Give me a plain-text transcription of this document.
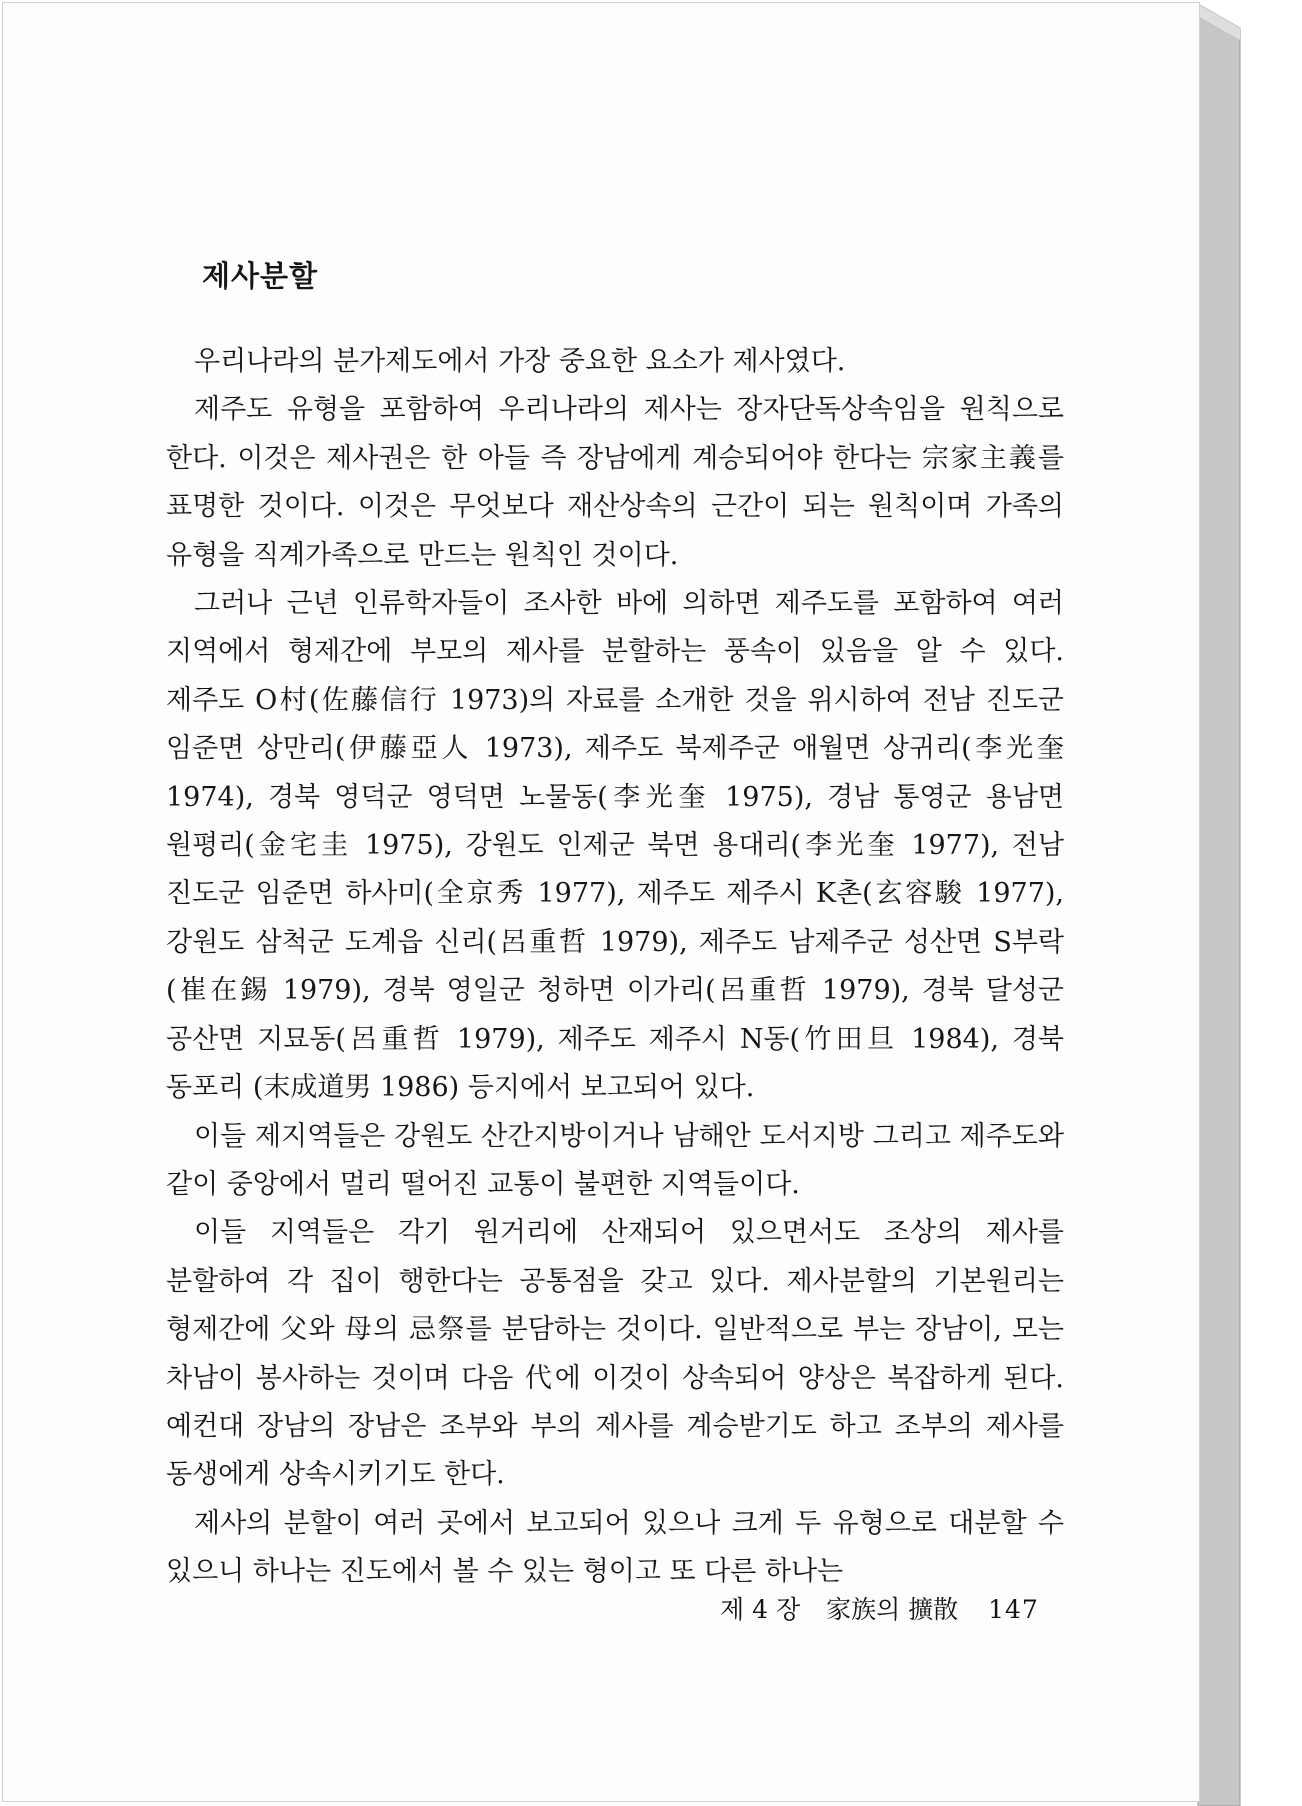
제사분할

우리나라의 분가제도에서 가장 중요한 요소가 제사였다.

제주도 유형을 포함하여 우리나라의 제사는 장자단독상속임을 원칙으로 한다. 이것은 제사권은 한 아들 즉 장남에게 계승되어야 한다는 宗家主義를 표명한 것이다. 이것은 무엇보다 재산상속의 근간이 되는 원칙이며 가족의 유형을 직계가족으로 만드는 원칙인 것이다.

그러나 근년 인류학자들이 조사한 바에 의하면 제주도를 포함하여 여러 지역에서 형제간에 부모의 제사를 분할하는 풍속이 있음을 알 수 있다. 제주도 O村(佐藤信行 1973)의 자료를 소개한 것을 위시하여 전남 진도군 임준면 상만리(伊藤亞人 1973), 제주도 북제주군 애월면 상귀리(李光奎 1974), 경북 영덕군 영덕면 노물동(李光奎 1975), 경남 통영군 용남면 원평리(金宅圭 1975), 강원도 인제군 북면 용대리(李光奎 1977), 전남 진도군 임준면 하사미(全京秀 1977), 제주도 제주시 K촌(玄容駿 1977), 강원도 삼척군 도계읍 신리(呂重哲 1979), 제주도 남제주군 성산면 S부락(崔在錫 1979), 경북 영일군 청하면 이가리(呂重哲 1979), 경북 달성군 공산면 지묘동(呂重哲 1979), 제주도 제주시 N동(竹田旦 1984), 경북 동포리 (末成道男 1986) 등지에서 보고되어 있다.

이들 제지역들은 강원도 산간지방이거나 남해안 도서지방 그리고 제주도와 같이 중앙에서 멀리 떨어진 교통이 불편한 지역들이다.

이들 지역들은 각기 원거리에 산재되어 있으면서도 조상의 제사를 분할하여 각 집이 행한다는 공통점을 갖고 있다. 제사분할의 기본원리는 형제간에 父와 母의 忌祭를 분담하는 것이다. 일반적으로 부는 장남이, 모는 차남이 봉사하는 것이며 다음 代에 이것이 상속되어 양상은 복잡하게 된다. 예컨대 장남의 장남은 조부와 부의 제사를 계승받기도 하고 조부의 제사를 동생에게 상속시키기도 한다.

제사의 분할이 여러 곳에서 보고되어 있으나 크게 두 유형으로 대분할 수 있으니 하나는 진도에서 볼 수 있는 형이고 또 다른 하나는

제 4 장 家族의 擴散 147
